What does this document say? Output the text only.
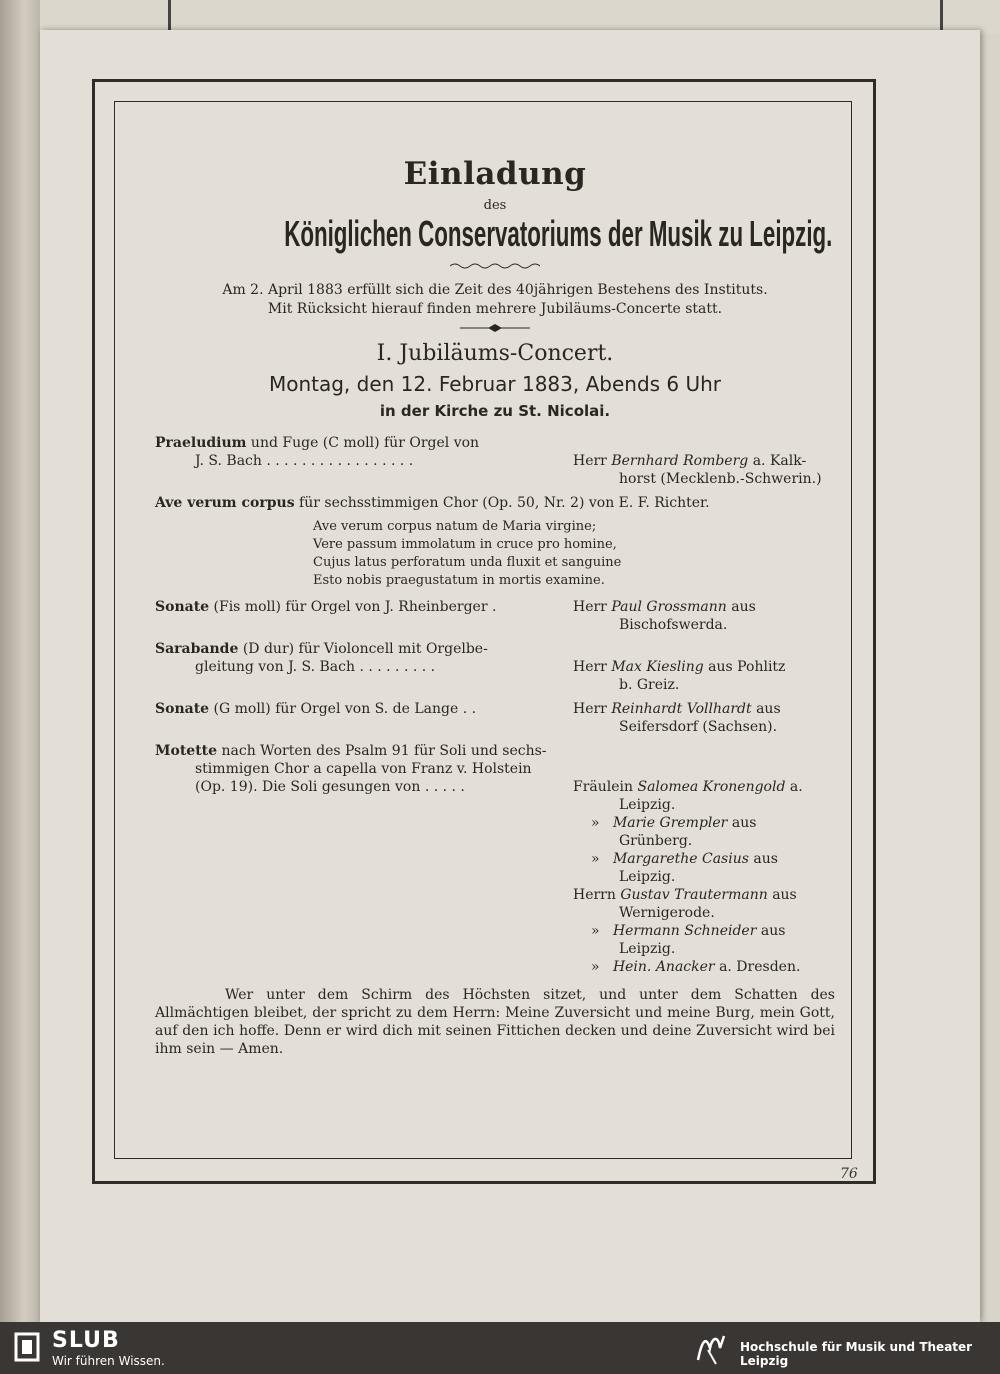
76
Einladung
des
Königlichen Conservatoriums der Musik zu Leipzig.
Am 2. April 1883 erfüllt sich die Zeit des 40jährigen Bestehens des Instituts.
Mit Rücksicht hierauf finden mehrere Jubiläums-Concerte statt.
I. Jubiläums-Concert.
Montag, den 12. Februar 1883, Abends 6 Uhr
in der Kirche zu St. Nicolai.
Praeludium und Fuge (C moll) für Orgel von
J. S. Bach . . . . . . . . . . . . . . . . .
	Herr Bernhard Romberg a. Kalk-
horst (Mecklenb.-Schwerin.)
Ave verum corpus für sechsstimmigen Chor (Op. 50, Nr. 2) von E. F. Richter.
Ave verum corpus natum de Maria virgine;
Vere passum immolatum in cruce pro homine,
Cujus latus perforatum unda fluxit et sanguine
Esto nobis praegustatum in mortis examine.
Sonate (Fis moll) für Orgel von J. Rheinberger .	Herr Paul Grossmann aus
Bischofswerda.
Sarabande (D dur) für Violoncell mit Orgelbe-
gleitung von J. S. Bach . . . . . . . . .
	Herr Max Kiesling aus Pohlitz
b. Greiz.
Sonate (G moll) für Orgel von S. de Lange . .	Herr Reinhardt Vollhardt aus
Seifersdorf (Sachsen).
Motette nach Worten des Psalm 91 für Soli und sechs-
stimmigen Chor a capella von Franz v. Holstein
(Op. 19). Die Soli gesungen von . . . . .

	Fräulein Salomea Kronengold a.
Leipzig.
» Marie Grempler aus
Grünberg.
» Margarethe Casius aus
Leipzig.
Herrn Gustav Trautermann aus
Wernigerode.
» Hermann Schneider aus
Leipzig.
» Hein. Anacker a. Dresden.
Wer unter dem Schirm des Höchsten sitzet, und unter dem Schatten des Allmächtigen bleibet, der spricht zu dem Herrn: Meine Zuversicht und meine Burg, mein Gott, auf den ich hoffe. Denn er wird dich mit seinen Fittichen decken und deine Zuversicht wird bei ihm sein — Amen.
SLUB
Wir führen Wissen.
Hochschule für Musik und Theater Leipzig
